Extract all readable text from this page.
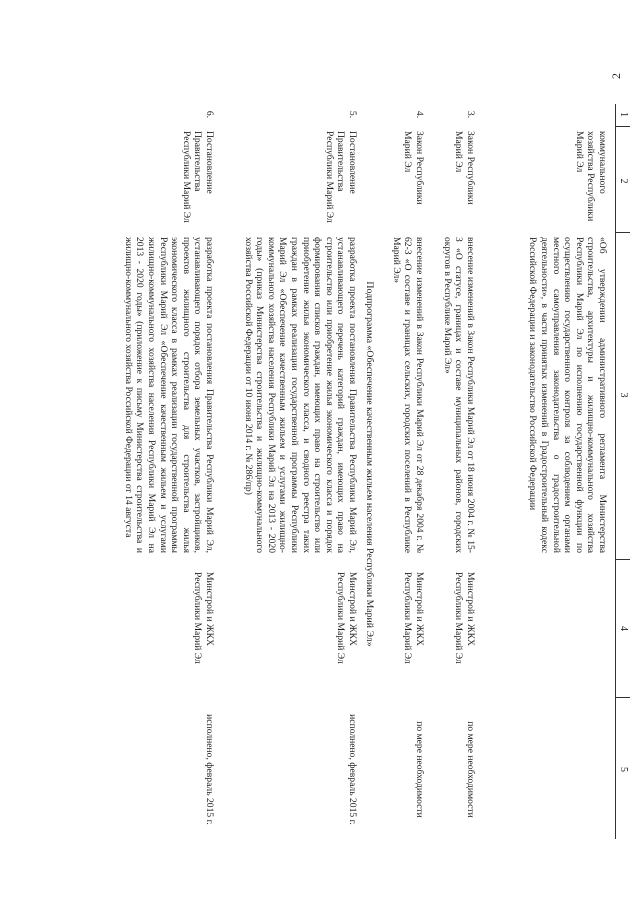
2
1
2
3
4
5
коммунального хозяйства Республики Марий Эл
«Об утверждении административного регламента Министерства строительства, архитектуры и жилищно-коммунального хозяйства Республики Марий Эл по исполнению государственной функции по осуществлению государственного контроля за соблюдением органами местного самоуправления законодательства о градостроительной деятельности», в части принятых изменений в Градостроительный кодекс Российской Федерации и законодательство Российской Федерации
3.
Закон Республики Марий Эл
внесение изменений в Закон Республики Марий Эл от 18 июня 2004 г. № 15-З «О статусе, границах и составе муниципальных районов, городских округов в Республике Марий Эл»
Минстрой и ЖКХ Республики Марий Эл
по мере необходимости
4.
Закон Республики Марий Эл
внесение изменений в Закон Республики Марий Эл от 28 декабря 2004 г. № 62-З «О составе и границах сельских, городских поселений в Республике Марий Эл»
Минстрой и ЖКХ Республики Марий Эл
по мере необходимости
Подпрограмма «Обеспечение качественным жильем населения Республики Марий Эл»
5.
Постановление Правительства Республики Марий Эл
разработка проекта постановления Правительства Республики Марий Эл, устанавливающего перечень категорий граждан, имеющих право на строительство или приобретение жилья экономического класса и порядок формирования списков граждан, имеющих право на строительство или приобретение жилья экономического класса, и сводного реестра таких граждан в рамках реализации государственной программы Республики Марий Эл «Обеспечение качественным жильем и услугами жилищно-коммунального хозяйства населения Республики Марий Эл на 2013 - 2020 годы» (приказ Министерства строительства и жилищно-коммунального хозяйства Российской Федерации от 10 июня 2014 г. № 286/пр)
Минстрой и ЖКХ Республики Марий Эл
исполнено, февраль 2015 г.
6.
Постановление Правительства Республики Марий Эл
разработка проекта постановления Правительства Республики Марий Эл, устанавливающего порядок отбора земельных участков, застройщиков, проектов жилищного строительства для строительства жилья экономического класса в рамках реализации государственной программы Республики Марий Эл «Обеспечение качественным жильем и услугами жилищно-коммунального хозяйства населения Республики Марий Эл на 2013 - 2020 годы» (приложение к письму Министерства строительства и жилищно-коммунального хозяйства Российской Федерации от 14 августа
Минстрой и ЖКХ Республики Марий Эл
исполнено, февраль 2015 г.
